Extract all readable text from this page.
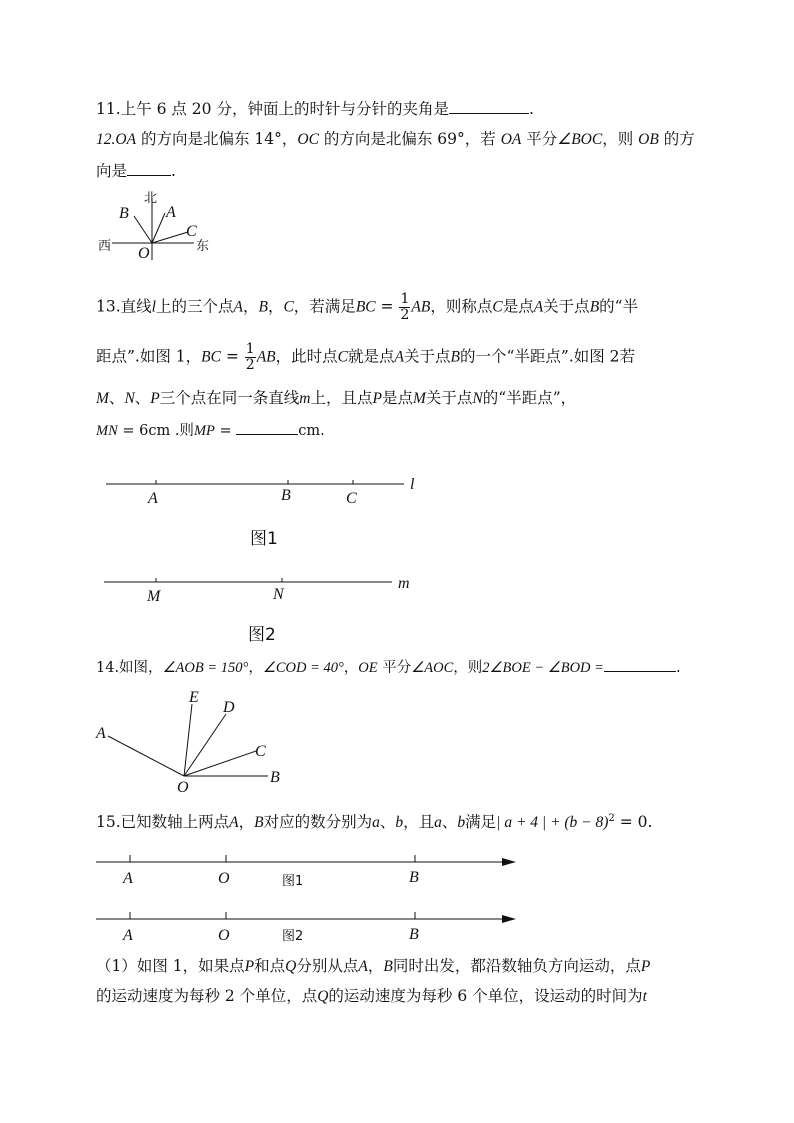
11.上午 6 点 20 分，钟面上的时针与分针的夹角是	.
12.OA 的方向是北偏东 14°，OC 的方向是北偏东 69°，若 OA 平分∠BOC，则 OB 的方
向是	.
北
西	东
A
B
C
O
13.直线l上的三个点A，B，C，若满足BC = $\frac{1}{2}$ AB，则称点C是点A关于点B的“半
距点”.如图 1，BC = $\frac{1}{2}$ AB，此时点C就是点A关于点B的一个“半距点”.如图 2若
M、N、P三个点在同一条直线m上，且点P是点M关于点N的“半距点”，
MN = 6cm .则MP =	cm.
A	B	C
l
图1
M	N
m
图2
14.如图，∠AOB = 150°，∠COD = 40°，OE 平分∠AOC，则2∠BOE − ∠BOD =	.
A
E
D
C
O
B
15.已知数轴上两点A，B对应的数分别为a、b，且a、b满足| a + 4 | + $(b - 8)^2 = 0$.
A	O	图1	B
A	O	图2	B
（1）如图 1，如果点P和点Q分别从点A，B同时出发，都沿数轴负方向运动，点P
的运动速度为每秒 2 个单位，点Q的运动速度为每秒 6 个单位，设运动的时间为t
